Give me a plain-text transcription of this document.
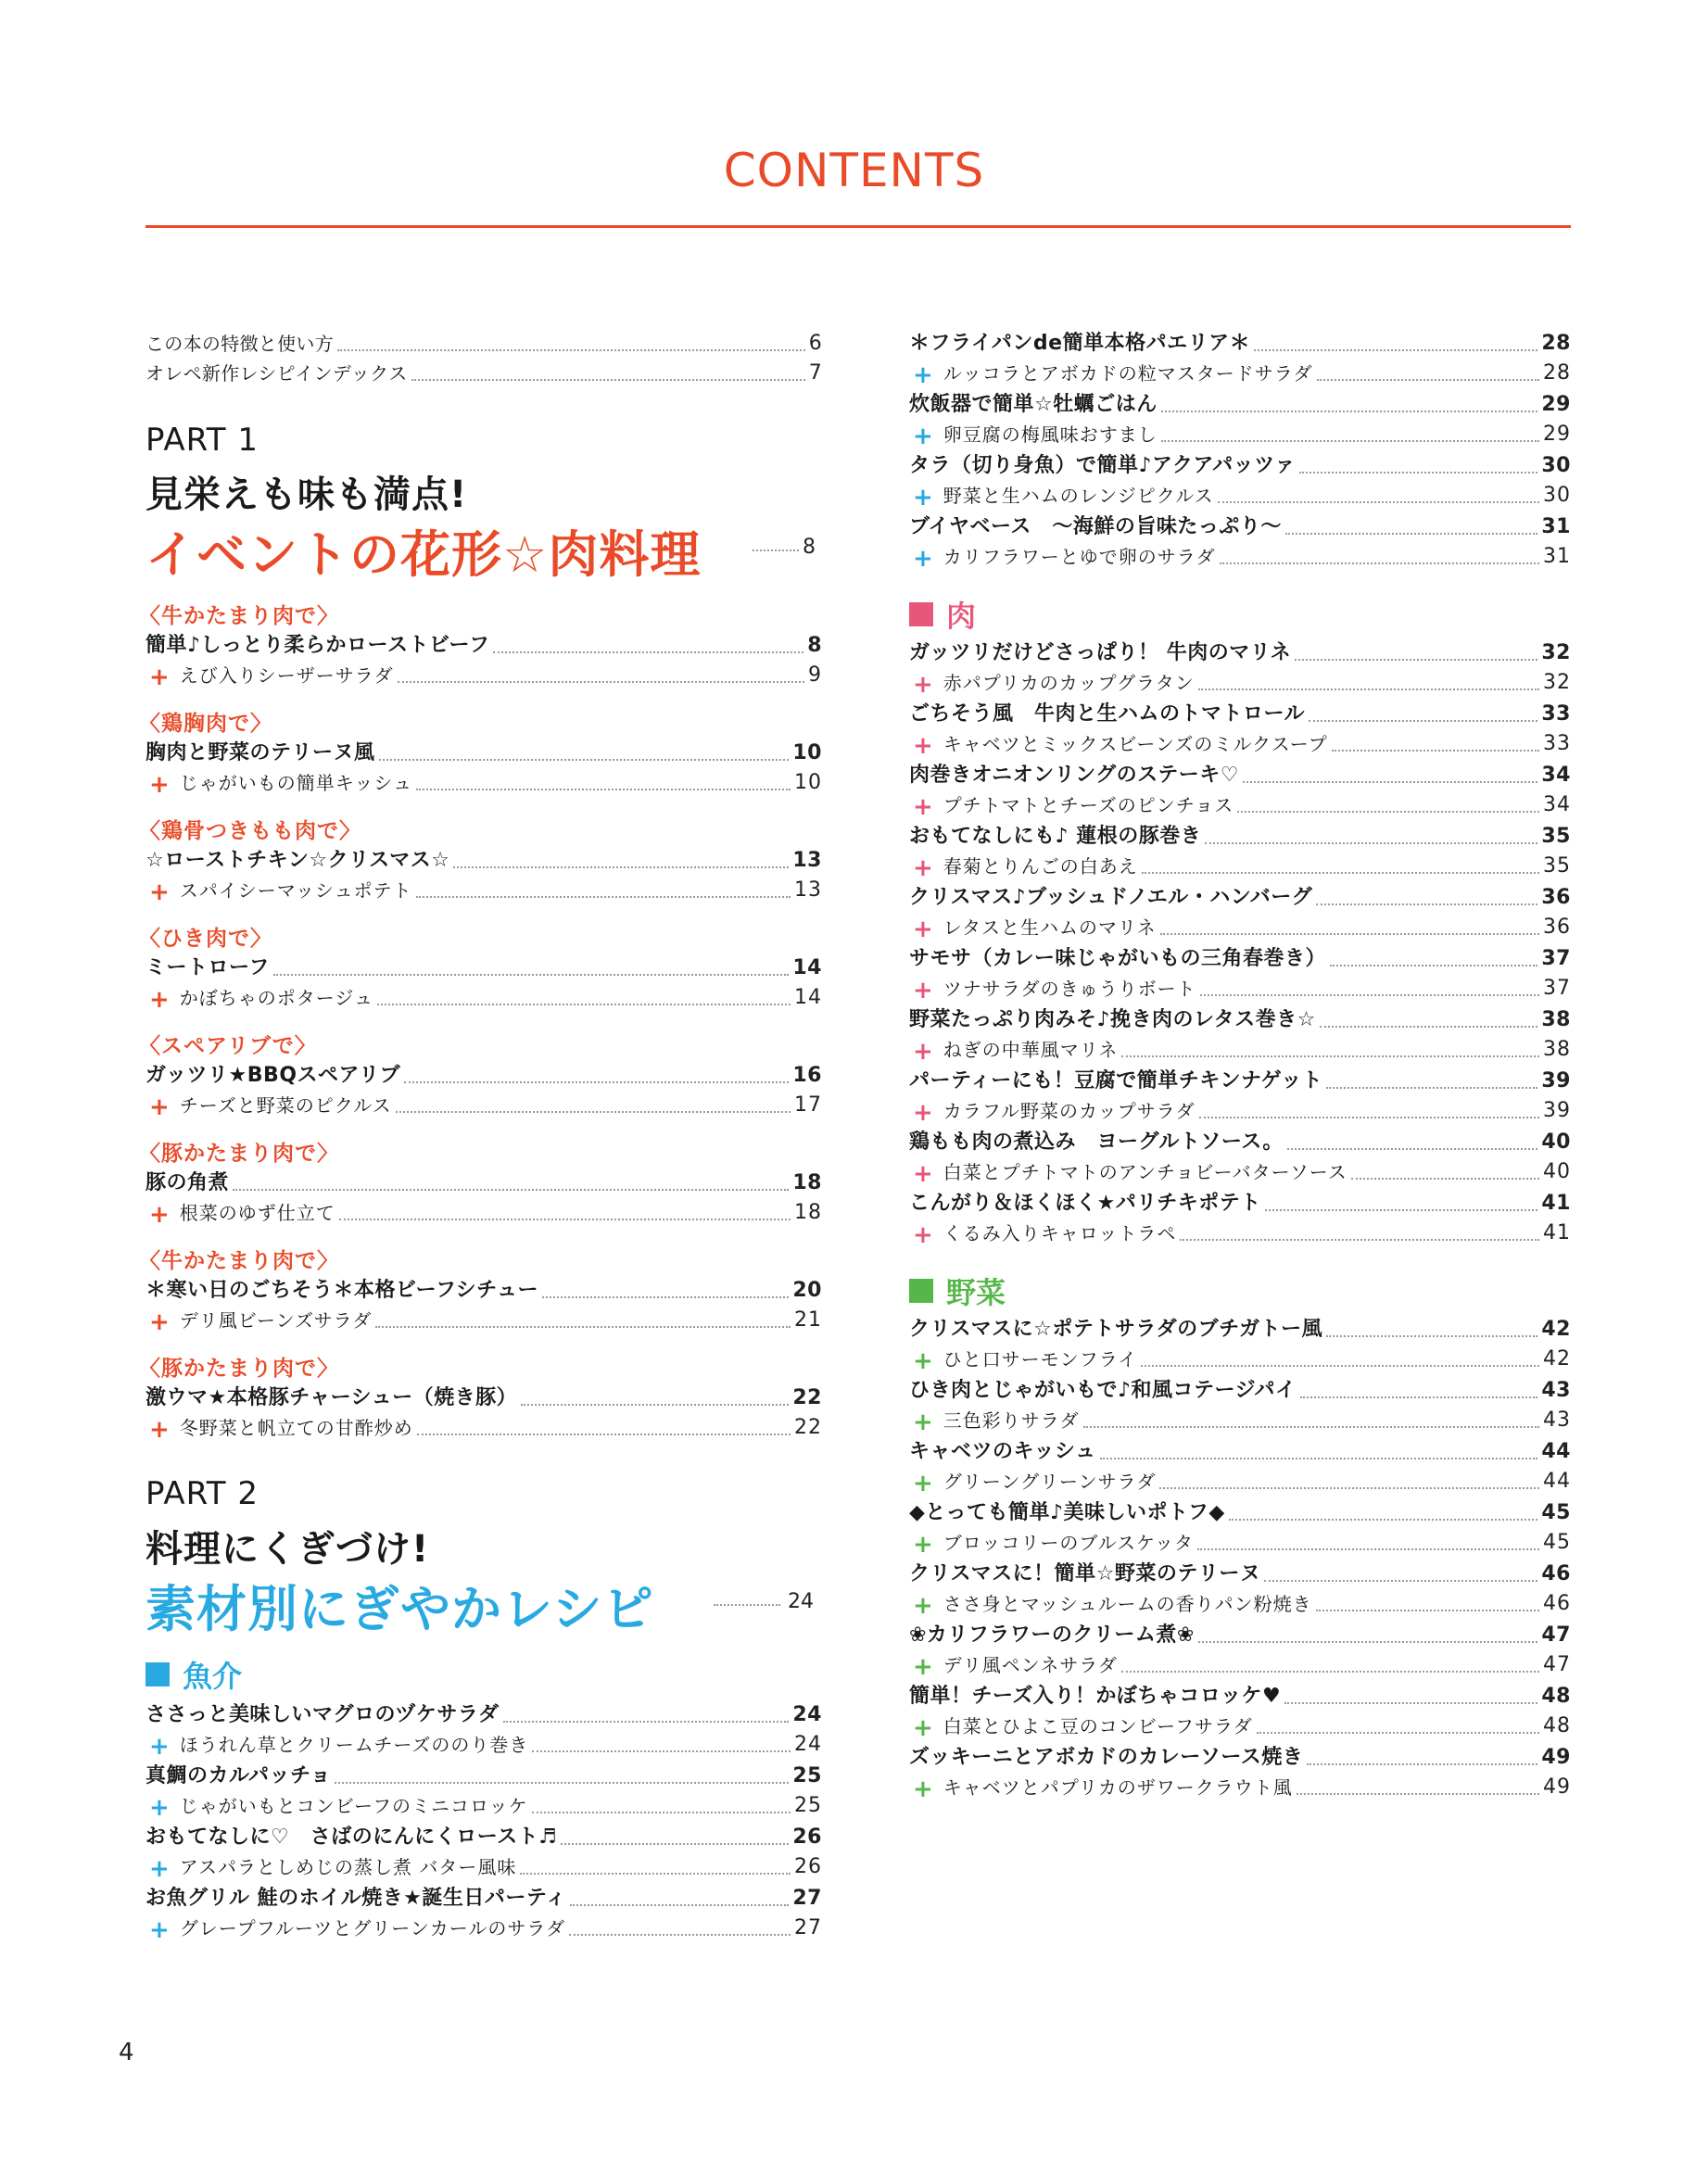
CONTENTS
この本の特徴と使い方	6
オレペ新作レシピインデックス	7
PART 1
見栄えも味も満点!
イベントの花形☆肉料理	8
〈牛かたまり肉で〉
簡単♪しっとり柔らかローストビーフ	8
+ えび入りシーザーサラダ	9
〈鶏胸肉で〉
胸肉と野菜のテリーヌ風	10
+ じゃがいもの簡単キッシュ	10
〈鶏骨つきもも肉で〉
☆ローストチキン☆クリスマス☆	13
+ スパイシーマッシュポテト	13
〈ひき肉で〉
ミートローフ	14
+ かぼちゃのポタージュ	14
〈スペアリブで〉
ガッツリ★BBQスペアリブ	16
+ チーズと野菜のピクルス	17
〈豚かたまり肉で〉
豚の角煮	18
+ 根菜のゆず仕立て	18
〈牛かたまり肉で〉
＊寒い日のごちそう＊本格ビーフシチュー	20
+ デリ風ビーンズサラダ	21
〈豚かたまり肉で〉
激ウマ★本格豚チャーシュー（焼き豚）	22
+ 冬野菜と帆立ての甘酢炒め	22
PART 2
料理にくぎづけ!
素材別にぎやかレシピ	24
魚介
ささっと美味しいマグロのヅケサラダ	24
+ ほうれん草とクリームチーズののり巻き	24
真鯛のカルパッチョ	25
+ じゃがいもとコンビーフのミニコロッケ	25
おもてなしに♡　さばのにんにくロースト♬	26
+ アスパラとしめじの蒸し煮 バター風味	26
お魚グリル 鮭のホイル焼き★誕生日パーティ	27
+ グレープフルーツとグリーンカールのサラダ	27
＊フライパンde簡単本格パエリア＊	28
+ ルッコラとアボカドの粒マスタードサラダ	28
炊飯器で簡単☆牡蠣ごはん	29
+ 卵豆腐の梅風味おすまし	29
タラ（切り身魚）で簡単♪アクアパッツァ	30
+ 野菜と生ハムのレンジピクルス	30
ブイヤベース　～海鮮の旨味たっぷり～	31
+ カリフラワーとゆで卵のサラダ	31
肉
ガッツリだけどさっぱり！ 牛肉のマリネ	32
+ 赤パプリカのカップグラタン	32
ごちそう風　牛肉と生ハムのトマトロール	33
+ キャベツとミックスビーンズのミルクスープ	33
肉巻きオニオンリングのステーキ♡	34
+ プチトマトとチーズのピンチョス	34
おもてなしにも♪ 蓮根の豚巻き	35
+ 春菊とりんごの白あえ	35
クリスマス♪ブッシュドノエル・ハンバーグ	36
+ レタスと生ハムのマリネ	36
サモサ（カレー味じゃがいもの三角春巻き）	37
+ ツナサラダのきゅうりボート	37
野菜たっぷり肉みそ♪挽き肉のレタス巻き☆	38
+ ねぎの中華風マリネ	38
パーティーにも！豆腐で簡単チキンナゲット	39
+ カラフル野菜のカップサラダ	39
鶏もも肉の煮込み　ヨーグルトソース。	40
+ 白菜とプチトマトのアンチョビーバターソース	40
こんがり＆ほくほく★パリチキポテト	41
+ くるみ入りキャロットラペ	41
野菜
クリスマスに☆ポテトサラダのブチガトー風	42
+ ひと口サーモンフライ	42
ひき肉とじゃがいもで♪和風コテージパイ	43
+ 三色彩りサラダ	43
キャベツのキッシュ	44
+ グリーングリーンサラダ	44
◆とっても簡単♪美味しいポトフ◆	45
+ ブロッコリーのブルスケッタ	45
クリスマスに！簡単☆野菜のテリーヌ	46
+ ささ身とマッシュルームの香りパン粉焼き	46
❀カリフラワーのクリーム煮❀	47
+ デリ風ペンネサラダ	47
簡単！チーズ入り！かぼちゃコロッケ♥	48
+ 白菜とひよこ豆のコンビーフサラダ	48
ズッキーニとアボカドのカレーソース焼き	49
+ キャベツとパプリカのザワークラウト風	49
4
